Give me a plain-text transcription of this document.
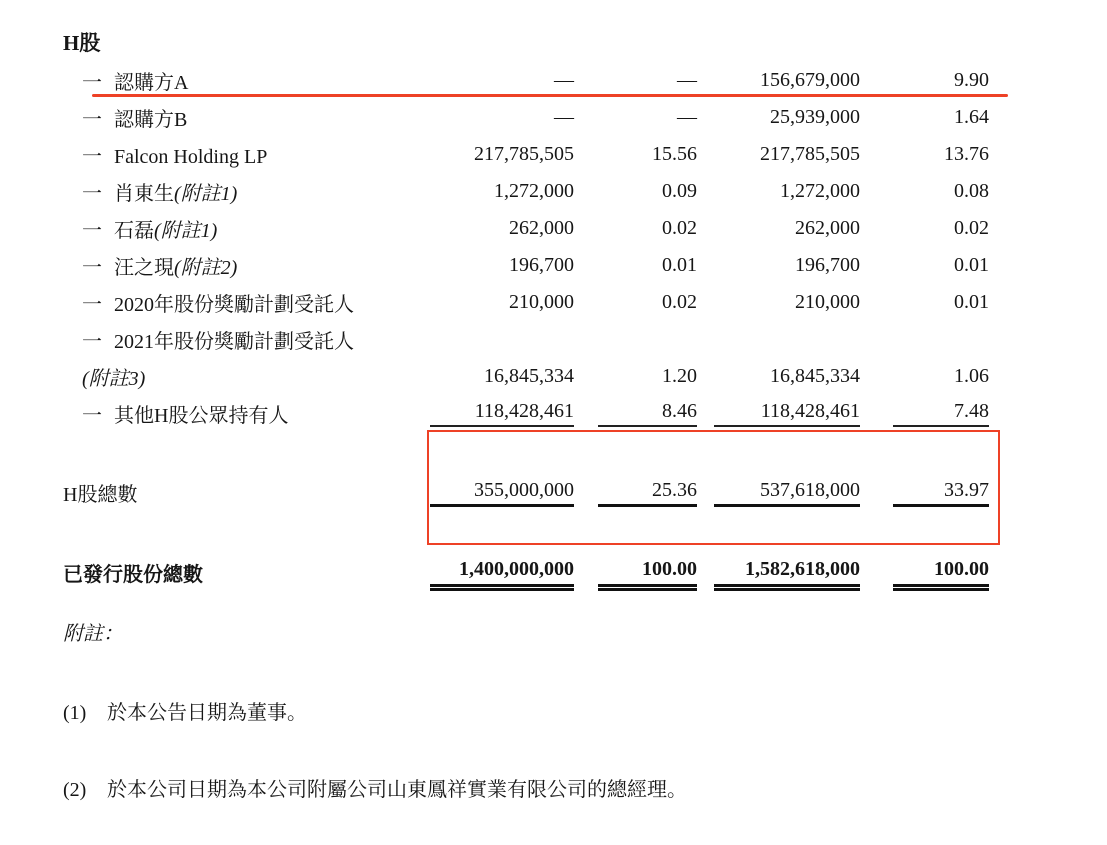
H股
一 認購方A	—	—	156,679,000	9.90
一 認購方B	—	—	25,939,000	1.64
一 Falcon Holding LP	217,785,505	15.56	217,785,505	13.76
一 肖東生(附註1)	1,272,000	0.09	1,272,000	0.08
一 石磊(附註1)	262,000	0.02	262,000	0.02
一 汪之現(附註2)	196,700	0.01	196,700	0.01
一 2020年股份獎勵計劃受託人	210,000	0.02	210,000	0.01
一 2021年股份獎勵計劃受託人
(附註3)	16,845,334	1.20	16,845,334	1.06
一 其他H股公眾持有人	118,428,461	8.46	118,428,461	7.48
H股總數	355,000,000	25.36	537,618,000	33.97
已發行股份總數	1,400,000,000	100.00	1,582,618,000	100.00
附註：
(1)	於本公告日期為董事。
(2)	於本公司日期為本公司附屬公司山東鳳祥實業有限公司的總經理。
